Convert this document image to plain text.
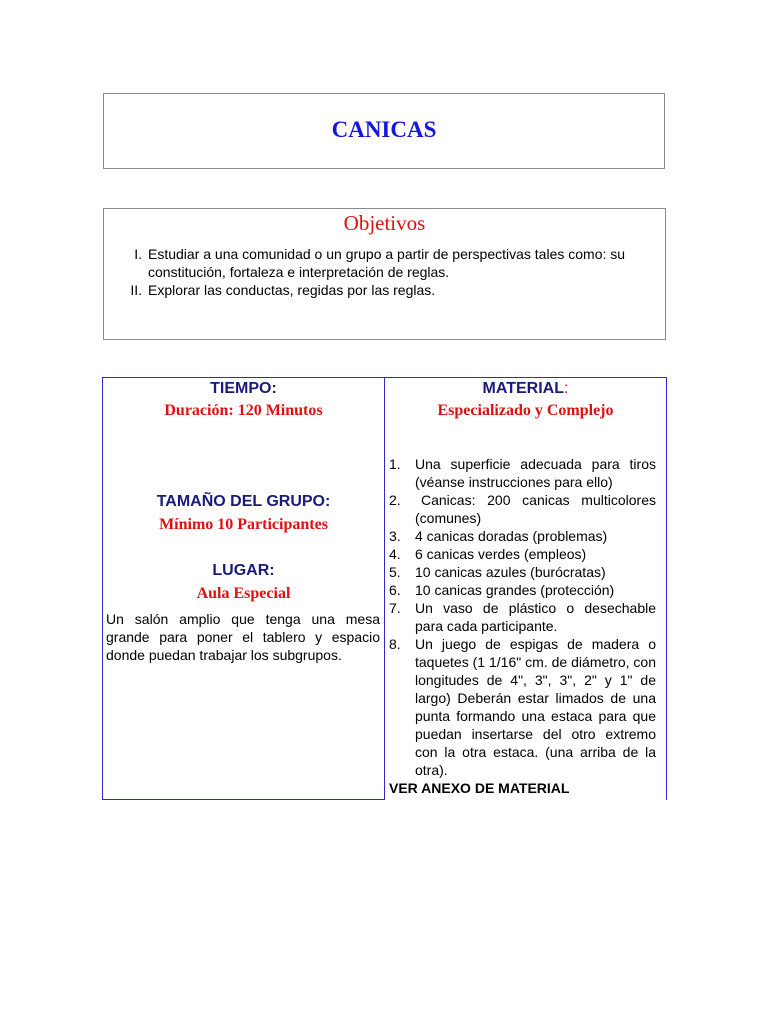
CANICAS
Objetivos
I. Estudiar a una comunidad o un grupo a partir de perspectivas tales como: su constitución, fortaleza e interpretación de reglas.
II. Explorar las conductas, regidas por las reglas.
TIEMPO:
Duración: 120 Minutos
TAMAÑO DEL GRUPO:
Mínimo 10 Participantes
LUGAR:
Aula Especial
Un salón amplio que tenga una mesa grande para poner el tablero y espacio donde puedan trabajar los subgrupos.
MATERIAL:
Especializado y Complejo
1.	Una superficie adecuada para tiros (véanse instrucciones para ello)
2.	Canicas: 200 canicas multicolores (comunes)
3.	4 canicas doradas (problemas)
4.	6 canicas verdes (empleos)
5.	10 canicas azules (burócratas)
6.	10 canicas grandes (protección)
7.	Un vaso de plástico o desechable para cada participante.
8.	Un juego de espigas de madera o taquetes (1 1/16" cm. de diámetro, con longitudes de 4", 3", 3", 2" y 1" de largo) Deberán estar limados de una punta formando una estaca para que puedan insertarse del otro extremo con la otra estaca. (una arriba de la otra).
VER ANEXO DE MATERIAL
